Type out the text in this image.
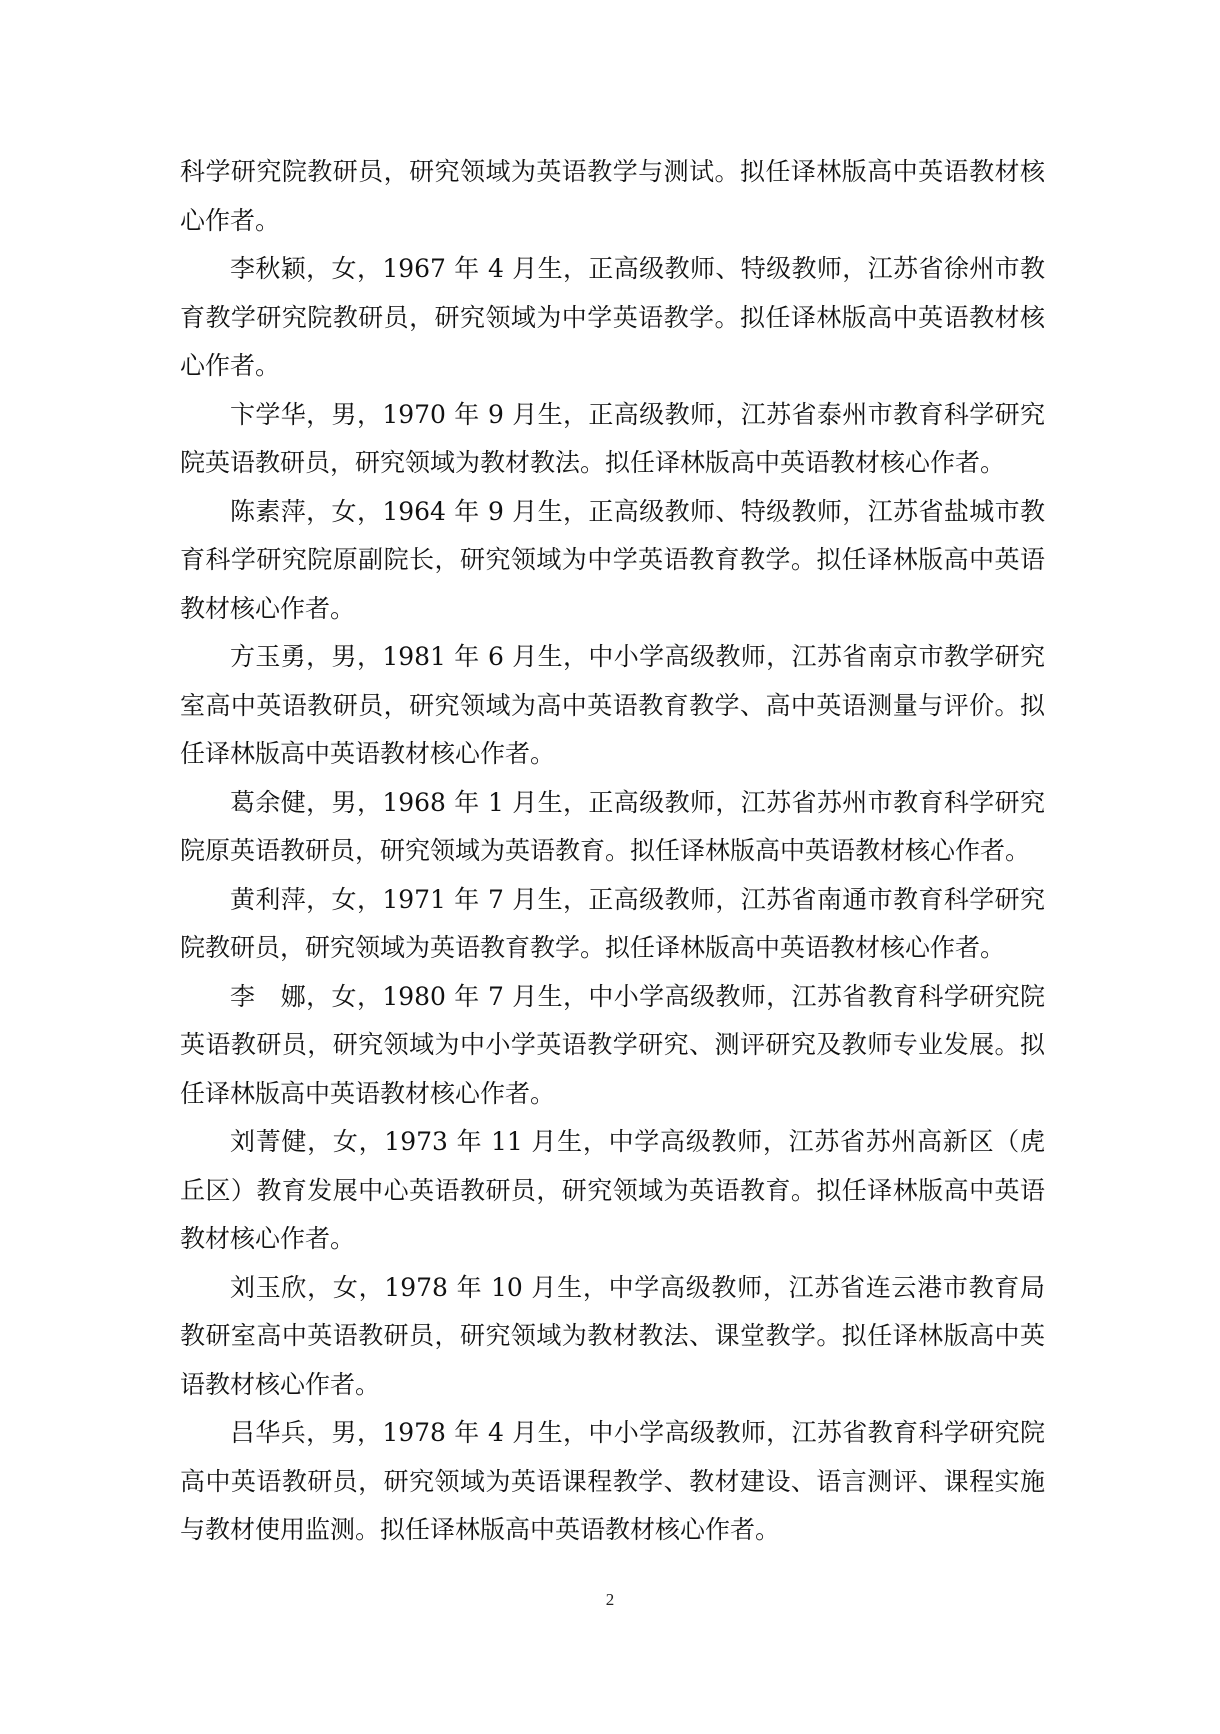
科学研究院教研员，研究领域为英语教学与测试。拟任译林版高中英语教材核心作者。

李秋颖，女，1967 年 4 月生，正高级教师、特级教师，江苏省徐州市教育教学研究院教研员，研究领域为中学英语教学。拟任译林版高中英语教材核心作者。

卞学华，男，1970 年 9 月生，正高级教师，江苏省泰州市教育科学研究院英语教研员，研究领域为教材教法。拟任译林版高中英语教材核心作者。

陈素萍，女，1964 年 9 月生，正高级教师、特级教师，江苏省盐城市教育科学研究院原副院长，研究领域为中学英语教育教学。拟任译林版高中英语教材核心作者。

方玉勇，男，1981 年 6 月生，中小学高级教师，江苏省南京市教学研究室高中英语教研员，研究领域为高中英语教育教学、高中英语测量与评价。拟任译林版高中英语教材核心作者。

葛余健，男，1968 年 1 月生，正高级教师，江苏省苏州市教育科学研究院原英语教研员，研究领域为英语教育。拟任译林版高中英语教材核心作者。

黄利萍，女，1971 年 7 月生，正高级教师，江苏省南通市教育科学研究院教研员，研究领域为英语教育教学。拟任译林版高中英语教材核心作者。

李　娜，女，1980 年 7 月生，中小学高级教师，江苏省教育科学研究院英语教研员，研究领域为中小学英语教学研究、测评研究及教师专业发展。拟任译林版高中英语教材核心作者。

刘菁健，女，1973 年 11 月生，中学高级教师，江苏省苏州高新区（虎丘区）教育发展中心英语教研员，研究领域为英语教育。拟任译林版高中英语教材核心作者。

刘玉欣，女，1978 年 10 月生，中学高级教师，江苏省连云港市教育局教研室高中英语教研员，研究领域为教材教法、课堂教学。拟任译林版高中英语教材核心作者。

吕华兵，男，1978 年 4 月生，中小学高级教师，江苏省教育科学研究院高中英语教研员，研究领域为英语课程教学、教材建设、语言测评、课程实施与教材使用监测。拟任译林版高中英语教材核心作者。

2
